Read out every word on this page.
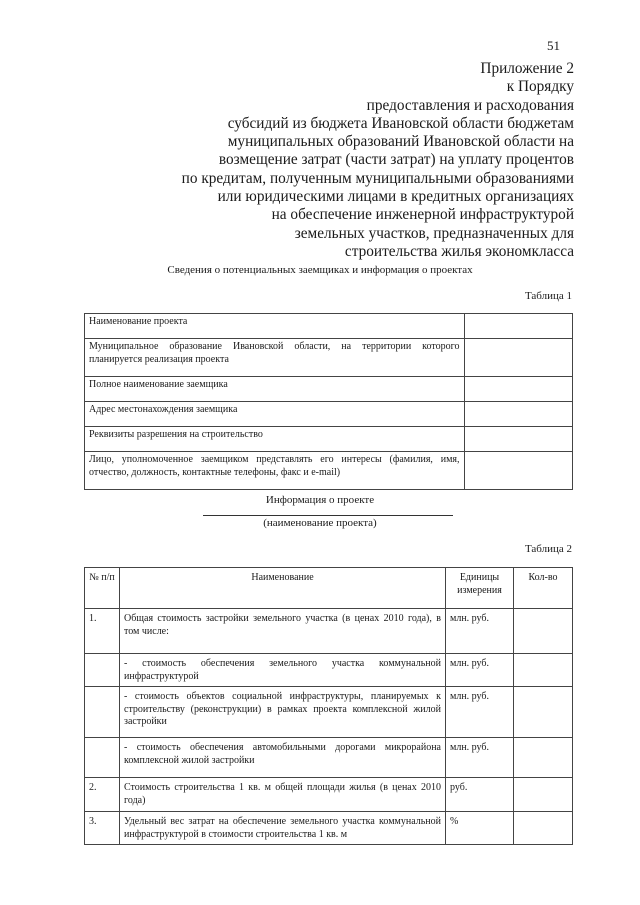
51
Приложение 2
к Порядку
предоставления и расходования
субсидий из бюджета Ивановской области бюджетам
муниципальных образований Ивановской области на
возмещение затрат (части затрат) на уплату процентов
по кредитам, полученным муниципальными образованиями
или юридическими лицами в кредитных организациях
на обеспечение инженерной инфраструктурой
земельных участков, предназначенных для
строительства жилья экономкласса
Сведения о потенциальных заемщиках и информация о проектах
Таблица 1
Наименование проекта	
Муниципальное образование Ивановской области, на территории которого планируется реализация проекта	
Полное наименование заемщика	
Адрес местонахождения заемщика	
Реквизиты разрешения на строительство	
Лицо, уполномоченное заемщиком представлять его интересы (фамилия, имя, отчество, должность, контактные телефоны, факс и e-mail)	
Информация о проекте
(наименование проекта)
Таблица 2
№ п/п	Наименование	Единицы измерения	Кол-во
1.	Общая стоимость застройки земельного участка (в ценах 2010 года), в том числе:	млн. руб.	
	- стоимость обеспечения земельного участка коммунальной инфраструктурой	млн. руб.	
	- стоимость объектов социальной инфраструктуры, планируемых к строительству (реконструкции) в рамках проекта комплексной жилой застройки	млн. руб.	
	- стоимость обеспечения автомобильными дорогами микрорайона комплексной жилой застройки	млн. руб.	
2.	Стоимость строительства 1 кв. м общей площади жилья (в ценах 2010 года)	руб.	
3.	Удельный вес затрат на обеспечение земельного участка коммунальной инфраструктурой в стоимости строительства 1 кв. м	%	
